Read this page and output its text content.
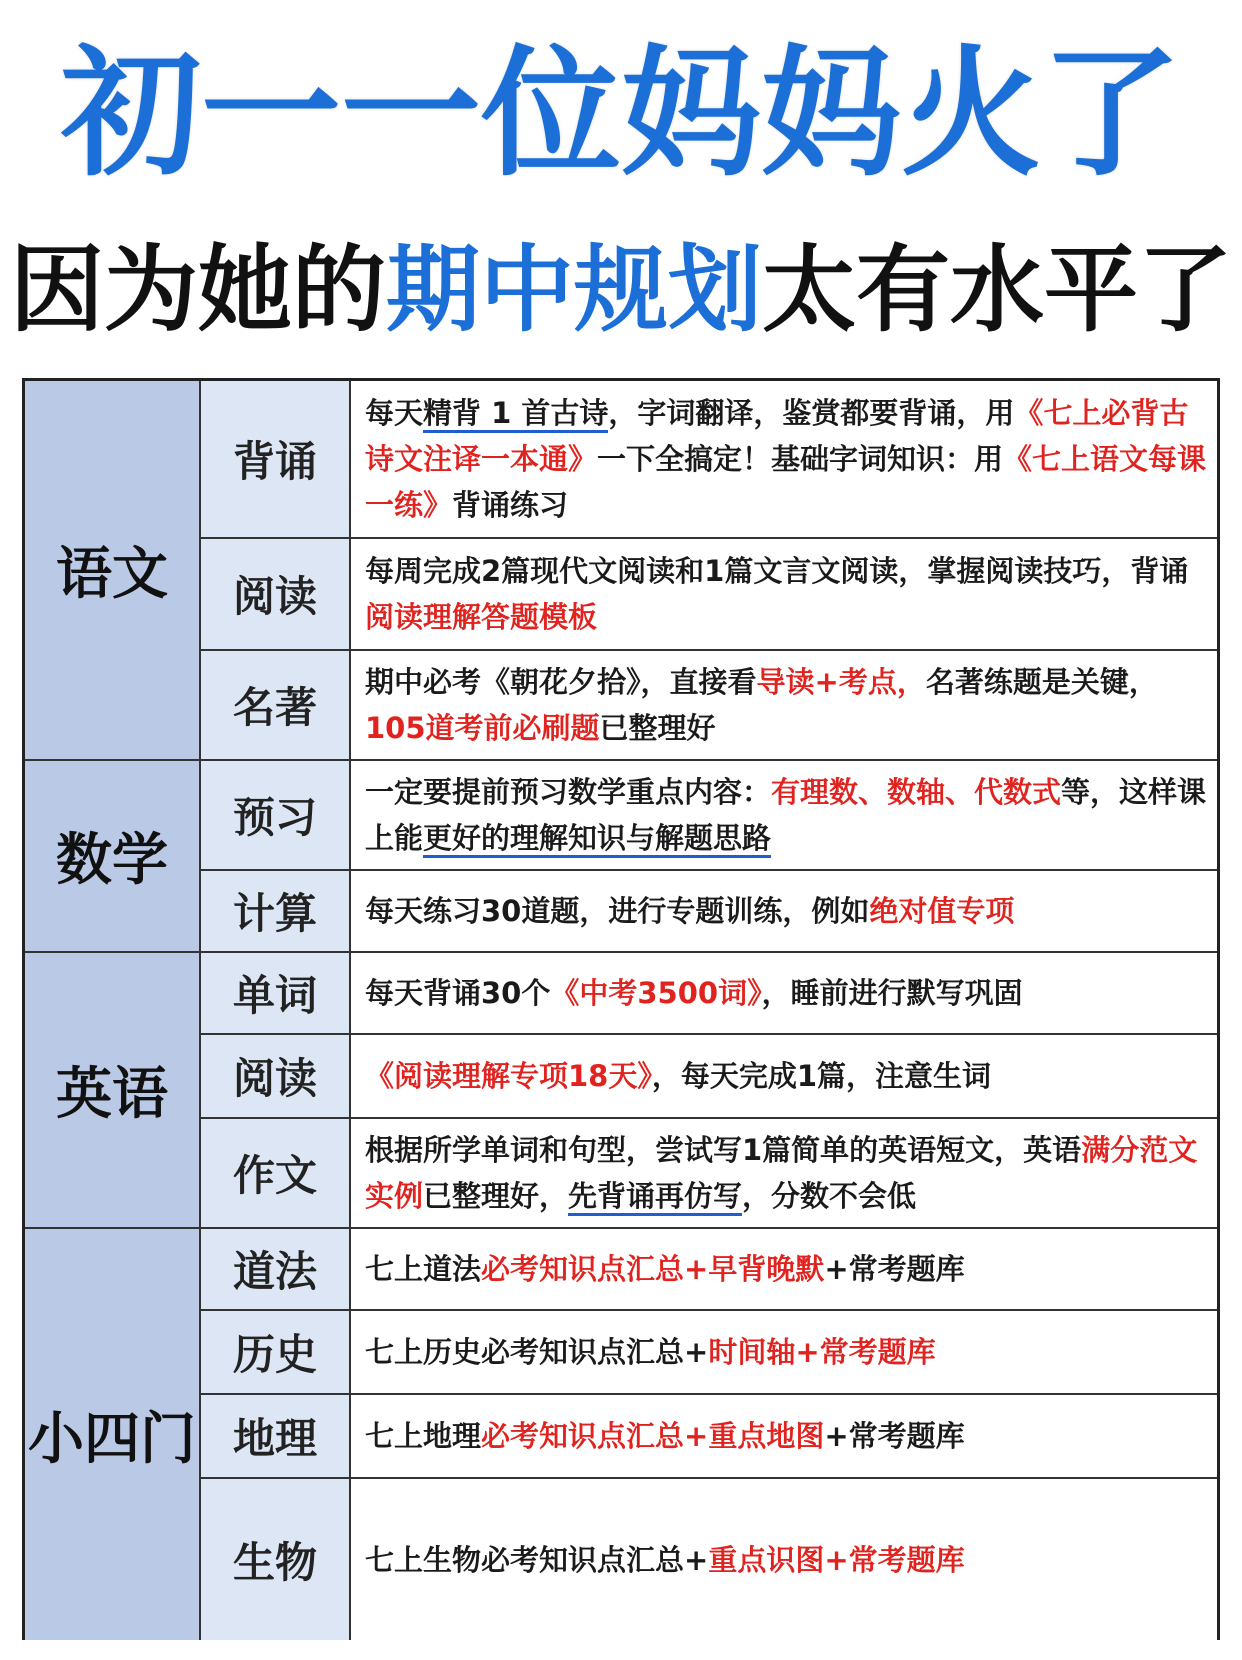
初一一位妈妈火了
因为她的期中规划太有水平了
语文
数学
英语
小四门
背诵
阅读
名著
预习
计算
单词
阅读
作文
道法
历史
地理
生物

每天精背 1 首古诗，字词翻译，鉴赏都要背诵，用《七上必背古诗文注译一本通》一下全搞定！基础字词知识：用《七上语文每课一练》背诵练习

每周完成2篇现代文阅读和1篇文言文阅读，掌握阅读技巧，背诵阅读理解答题模板

期中必考《朝花夕拾》，直接看导读+考点，名著练题是关键，105道考前必刷题已整理好

一定要提前预习数学重点内容：有理数、数轴、代数式等，这样课上能更好的理解知识与解题思路

每天练习30道题，进行专题训练，例如绝对值专项

每天背诵30个《中考3500词》，睡前进行默写巩固

《阅读理解专项18天》，每天完成1篇，注意生词

根据所学单词和句型，尝试写1篇简单的英语短文，英语满分范文实例已整理好，先背诵再仿写，分数不会低

七上道法必考知识点汇总+早背晚默+常考题库

七上历史必考知识点汇总+时间轴+常考题库

七上地理必考知识点汇总+重点地图+常考题库

七上生物必考知识点汇总+重点识图+常考题库
